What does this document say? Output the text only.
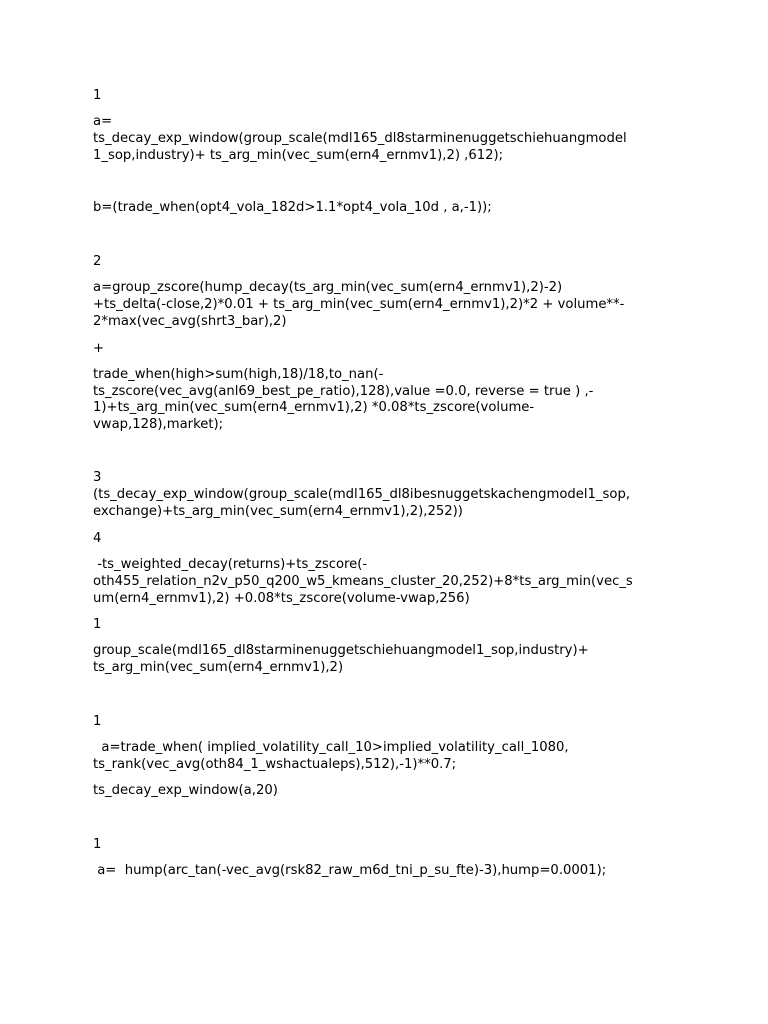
1

a=

ts_decay_exp_window(group_scale(mdl165_dl8starminenuggetschiehuangmodel

1_sop,industry)+ ts_arg_min(vec_sum(ern4_ernmv1),2) ,612);

b=(trade_when(opt4_vola_182d>1.1*opt4_vola_10d , a,-1));

2

a=group_zscore(hump_decay(ts_arg_min(vec_sum(ern4_ernmv1),2)-2)

+ts_delta(-close,2)*0.01 + ts_arg_min(vec_sum(ern4_ernmv1),2)*2 + volume**-

2*max(vec_avg(shrt3_bar),2)

+

trade_when(high>sum(high,18)/18,to_nan(-

ts_zscore(vec_avg(anl69_best_pe_ratio),128),value =0.0, reverse = true ) ,-

1)+ts_arg_min(vec_sum(ern4_ernmv1),2) *0.08*ts_zscore(volume-

vwap,128),market);

3

(ts_decay_exp_window(group_scale(mdl165_dl8ibesnuggetskachengmodel1_sop,

exchange)+ts_arg_min(vec_sum(ern4_ernmv1),2),252))

4

-ts_weighted_decay(returns)+ts_zscore(-

oth455_relation_n2v_p50_q200_w5_kmeans_cluster_20,252)+8*ts_arg_min(vec_s

um(ern4_ernmv1),2) +0.08*ts_zscore(volume-vwap,256)

1

group_scale(mdl165_dl8starminenuggetschiehuangmodel1_sop,industry)+

ts_arg_min(vec_sum(ern4_ernmv1),2)

1

a=trade_when( implied_volatility_call_10>implied_volatility_call_1080,

ts_rank(vec_avg(oth84_1_wshactualeps),512),-1)**0.7;

ts_decay_exp_window(a,20)

1

a=  hump(arc_tan(-vec_avg(rsk82_raw_m6d_tni_p_su_fte)-3),hump=0.0001);
